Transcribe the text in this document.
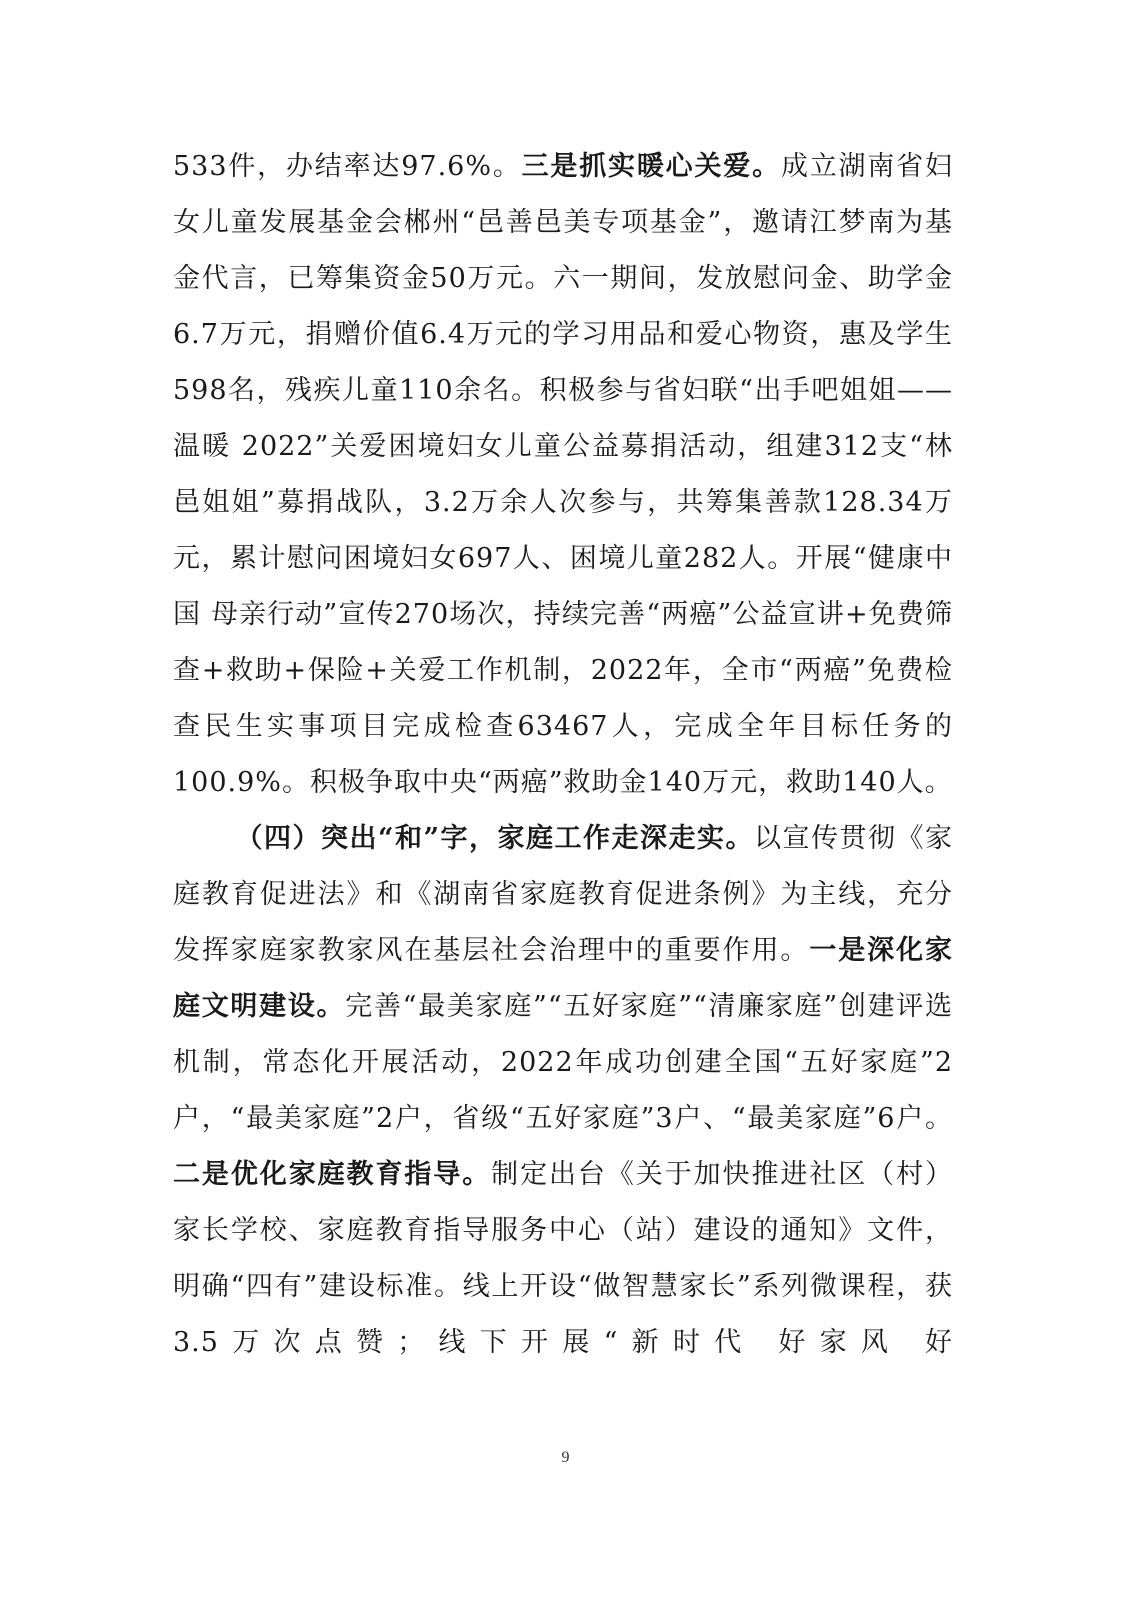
533件，办结率达97.6%。三是抓实暖心关爱。成立湖南省妇女儿童发展基金会郴州“邑善邑美专项基金”，邀请江梦南为基金代言，已筹集资金50万元。六一期间，发放慰问金、助学金6.7万元，捐赠价值6.4万元的学习用品和爱心物资，惠及学生598名，残疾儿童110余名。积极参与省妇联“出手吧姐姐——温暖 2022”关爱困境妇女儿童公益募捐活动，组建312支“林邑姐姐”募捐战队，3.2万余人次参与，共筹集善款128.34万元，累计慰问困境妇女697人、困境儿童282人。开展“健康中国 母亲行动”宣传270场次，持续完善“两癌”公益宣讲+免费筛查+救助+保险+关爱工作机制，2022年，全市“两癌”免费检查民生实事项目完成检查63467人，完成全年目标任务的100.9%。积极争取中央“两癌”救助金140万元，救助140人。

（四）突出“和”字，家庭工作走深走实。以宣传贯彻《家庭教育促进法》和《湖南省家庭教育促进条例》为主线，充分发挥家庭家教家风在基层社会治理中的重要作用。一是深化家庭文明建设。完善“最美家庭”“五好家庭”“清廉家庭”创建评选机制，常态化开展活动，2022年成功创建全国“五好家庭”2户，“最美家庭”2户，省级“五好家庭”3户、“最美家庭”6户。二是优化家庭教育指导。制定出台《关于加快推进社区（村）家长学校、家庭教育指导服务中心（站）建设的通知》文件，明确“四有”建设标准。线上开设“做智慧家长”系列微课程，获3.5万次点赞；线下开展“新时代 好家风 好

9
